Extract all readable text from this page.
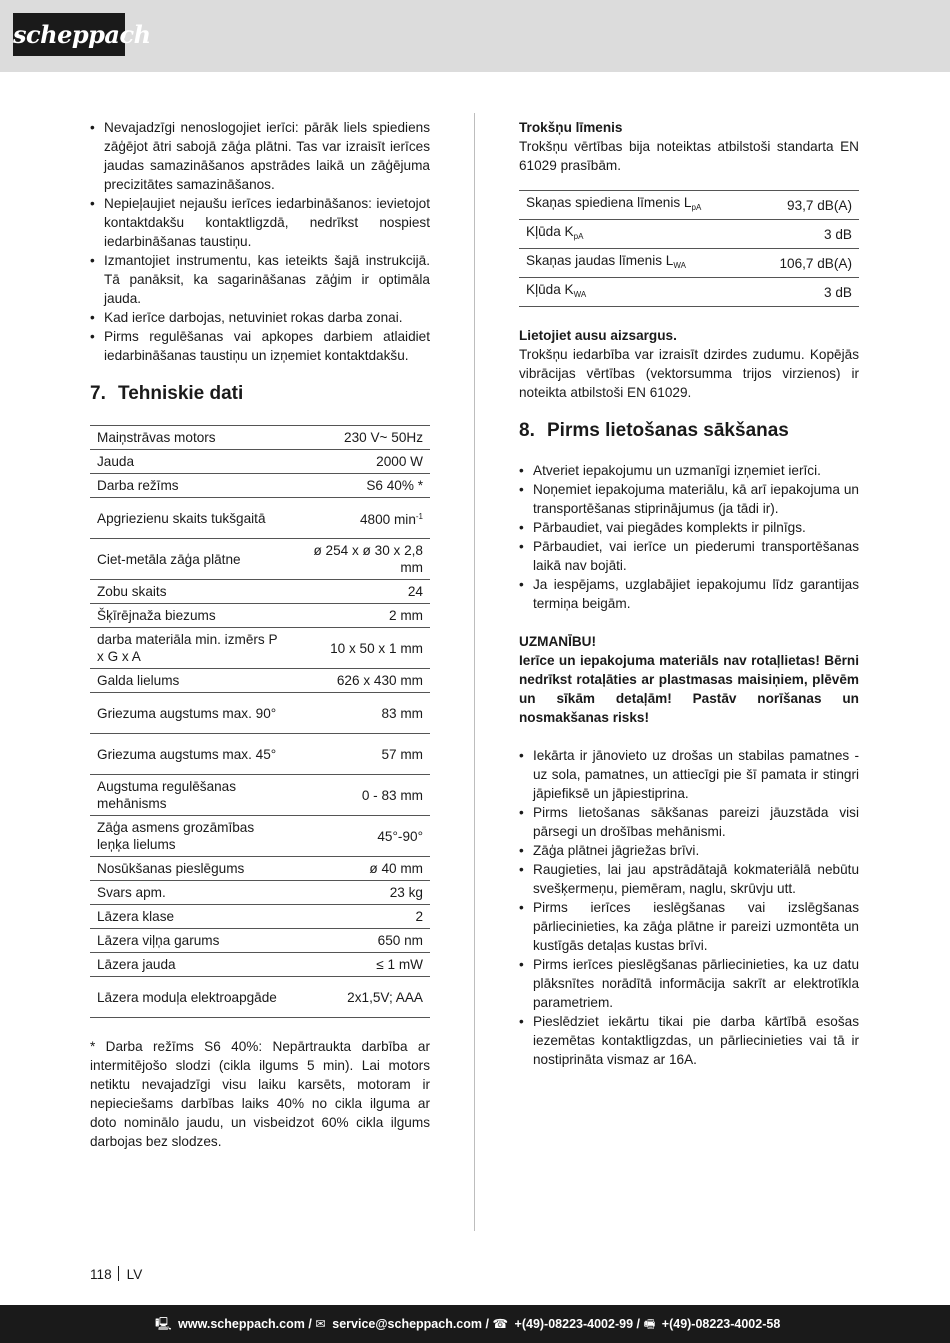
scheppach
• Nevajadzīgi nenoslogojiet ierīci: pārāk liels spiediens zāģējot ātri sabojā zāģa plātni. Tas var izraisīt ierīces jaudas samazināšanos apstrādes laikā un zāģējuma precizitātes samazināšanos.
• Nepieļaujiet nejaušu ierīces iedarbināšanos: ievietojot kontaktdakšu kontaktligzdā, nedrīkst nospiest iedarbināšanas taustiņu.
• Izmantojiet instrumentu, kas ieteikts šajā instrukcijā. Tā panāksit, ka sagarināšanas zāģim ir optimāla jauda.
• Kad ierīce darbojas, netuviniet rokas darba zonai.
• Pirms regulēšanas vai apkopes darbiem atlaidiet iedarbināšanas taustiņu un izņemiet kontaktdakšu.
7. Tehniskie dati
Maiņstrāvas motors	230 V~ 50Hz
Jauda	2000 W
Darba režīms	S6 40% *
Apgriezienu skaits tukšgaitā	4800 $\min^{-1}$
Ciet-metāla zāģa plātne	ø 254 x ø 30 x 2,8 mm
Zobu skaits	24
Šķīrējnaža biezums	2 mm
darba materiāla min. izmērs P x G x A	10 x 50 x 1 mm
Galda lielums	626 x 430 mm
Griezuma augstums max. 90°	83 mm
Griezuma augstums max. 45°	57 mm
Augstuma regulēšanas mehānisms	0 - 83 mm
Zāģa asmens grozāmības leņķa lielums	45°-90°
Nosūkšanas pieslēgums	ø 40 mm
Svars apm.	23 kg
Lāzera klase	2
Lāzera viļņa garums	650 nm
Lāzera jauda	≤ 1 mW
Lāzera moduļa elektroapgāde	2x1,5V; AAA

* Darba režīms S6 40%: Nepārtraukta darbība ar intermitējošo slodzi (cikla ilgums 5 min). Lai motors netiktu nevajadzīgi visu laiku karsēts, motoram ir nepieciešams darbības laiks 40% no cikla ilguma ar doto nominālo jaudu, un visbeidzot 60% cikla ilgums darbojas bez slodzes.

Trokšņu līmenis

Trokšņu vērtības bija noteiktas atbilstoši standarta EN 61029 prasībām.

Skaņas spiediena līmenis $L_{pA}$	93,7 dB(A)
Kļūda $K_{pA}$	3 dB
Skaņas jaudas līmenis $L_{WA}$	106,7 dB(A)
Kļūda $K_{WA}$	3 dB

Lietojiet ausu aizsargus.

Trokšņu iedarbība var izraisīt dzirdes zudumu. Kopējās vibrācijas vērtības (vektorsumma trijos virzienos) ir noteikta atbilstoši EN 61029.

8. Pirms lietošanas sākšanas
• Atveriet iepakojumu un uzmanīgi izņemiet ierīci.
• Noņemiet iepakojuma materiālu, kā arī iepakojuma un transportēšanas stiprinājumus (ja tādi ir).
• Pārbaudiet, vai piegādes komplekts ir pilnīgs.
• Pārbaudiet, vai ierīce un piederumi transportēšanas laikā nav bojāti.
• Ja iespējams, uzglabājiet iepakojumu līdz garantijas termiņa beigām.

UZMANĪBU!

Ierīce un iepakojuma materiāls nav rotaļlietas! Bērni nedrīkst rotaļāties ar plastmasas maisiņiem, plēvēm un sīkām detaļām! Pastāv norīšanas un nosmakšanas risks!

• Iekārta ir jānovieto uz drošas un stabilas pamatnes - uz sola, pamatnes, un attiecīgi pie šī pamata ir stingri jāpiefiksē un jāpiestiprina.
• Pirms lietošanas sākšanas pareizi jāuzstāda visi pārsegi un drošības mehānismi.
• Zāģa plātnei jāgriežas brīvi.
• Raugieties, lai jau apstrādātajā kokmateriālā nebūtu svešķermeņu, piemēram, naglu, skrūvju utt.
• Pirms ierīces ieslēgšanas vai izslēgšanas pārliecinieties, ka zāģa plātne ir pareizi uzmontēta un kustīgās detaļas kustas brīvi.
• Pirms ierīces pieslēgšanas pārliecinieties, ka uz datu plāksnītes norādītā informācija sakrīt ar elektrotīkla parametriem.
• Pieslēdziet iekārtu tikai pie darba kārtībā esošas iezemētas kontaktligzdas, un pārliecinieties vai tā ir nostiprināta vismaz ar 16A.
118 LV
🖳 www.scheppach.com / ✉ service@scheppach.com / ☎ +(49)-08223-4002-99 / 🖷 +(49)-08223-4002-58
